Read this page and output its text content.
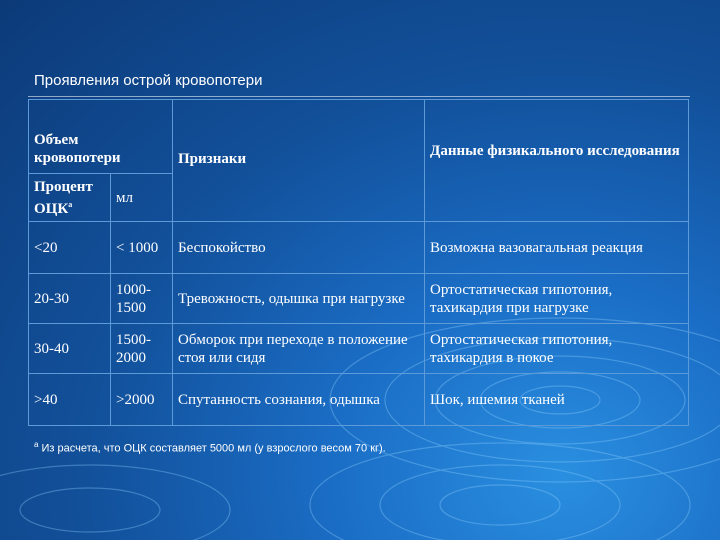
Проявления острой кровопотери
Объем кровопотери		Признаки	Данные физикального исследования
Процент ОЦК$^a$	мл		
<20	< 1000	Беспокойство	Возможна вазовагальная реакция
20-30	1000-1500	Тревожность, одышка при нагрузке	Ортостатическая гипотония, тахикардия при нагрузке
30-40	1500-2000	Обморок при переходе в положение стоя или сидя	Ортостатическая гипотония, тахикардия в покое
>40	>2000	Спутанность сознания, одышка	Шок, ишемия тканей
$^a$ Из расчета, что ОЦК составляет 5000 мл (у взрослого весом 70 кг).
